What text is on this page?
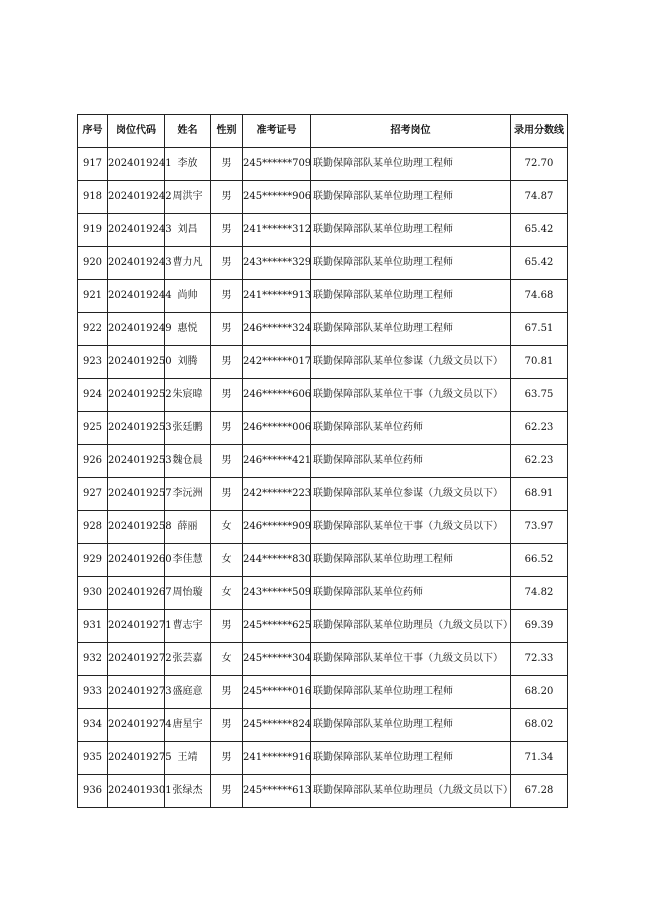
序号	岗位代码	姓名	性别	准考证号	招考岗位	录用分数线
917	2024019241	李放	男	245******709	联勤保障部队某单位助理工程师	72.70
918	2024019242	周洪宇	男	245******906	联勤保障部队某单位助理工程师	74.87
919	2024019243	刘昌	男	241******312	联勤保障部队某单位助理工程师	65.42
920	2024019243	曹力凡	男	243******329	联勤保障部队某单位助理工程师	65.42
921	2024019244	尚帅	男	241******913	联勤保障部队某单位助理工程师	74.68
922	2024019249	惠悦	男	246******324	联勤保障部队某单位助理工程师	67.51
923	2024019250	刘腾	男	242******017	联勤保障部队某单位参谋（九级文员以下）	70.81
924	2024019252	朱宸暐	男	246******606	联勤保障部队某单位干事（九级文员以下）	63.75
925	2024019253	张廷鹏	男	246******006	联勤保障部队某单位药师	62.23
926	2024019253	魏仓晨	男	246******421	联勤保障部队某单位药师	62.23
927	2024019257	李沅洲	男	242******223	联勤保障部队某单位参谋（九级文员以下）	68.91
928	2024019258	薛丽	女	246******909	联勤保障部队某单位干事（九级文员以下）	73.97
929	2024019260	李佳慧	女	244******830	联勤保障部队某单位助理工程师	66.52
930	2024019267	周怡璇	女	243******509	联勤保障部队某单位药师	74.82
931	2024019271	曹志宇	男	245******625	联勤保障部队某单位助理员（九级文员以下）	69.39
932	2024019272	张芸嘉	女	245******304	联勤保障部队某单位干事（九级文员以下）	72.33
933	2024019273	盛庭意	男	245******016	联勤保障部队某单位助理工程师	68.20
934	2024019274	唐星宇	男	245******824	联勤保障部队某单位助理工程师	68.02
935	2024019275	王靖	男	241******916	联勤保障部队某单位助理工程师	71.34
936	2024019301	张绿杰	男	245******613	联勤保障部队某单位助理员（九级文员以下）	67.28
